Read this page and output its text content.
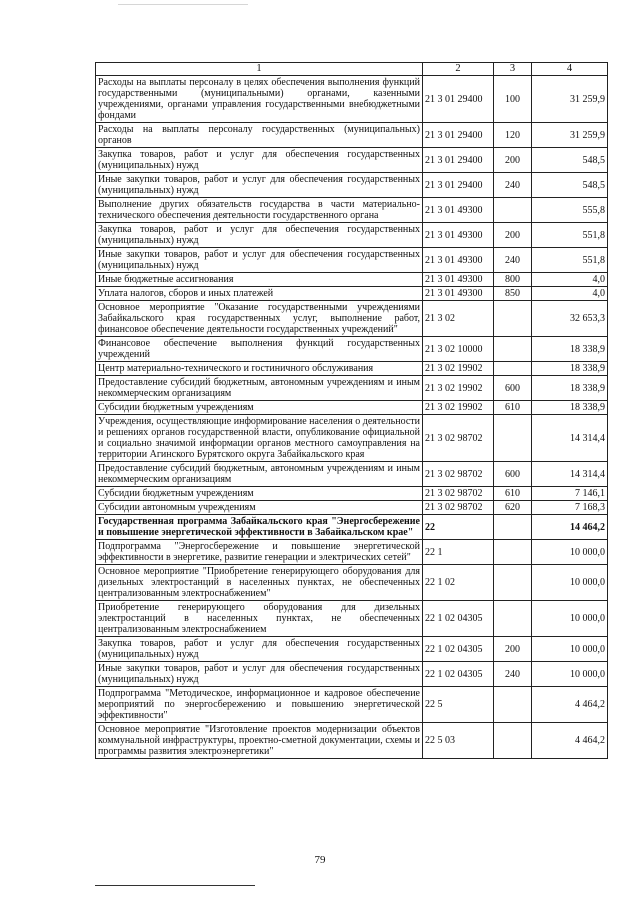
1	2	3	4
Расходы на выплаты персоналу в целях обеспечения выполнения функций государственными (муниципальными) органами, казенными учреждениями, органами управления государственными внебюджетными фондами	21 3 01 29400	100	31 259,9
Расходы на выплаты персоналу государственных (муниципальных) органов	21 3 01 29400	120	31 259,9
Закупка товаров, работ и услуг для обеспечения государственных (муниципальных) нужд	21 3 01 29400	200	548,5
Иные закупки товаров, работ и услуг для обеспечения государственных (муниципальных) нужд	21 3 01 29400	240	548,5
Выполнение других обязательств государства в части материально-технического обеспечения деятельности государственного органа	21 3 01 49300		555,8
Закупка товаров, работ и услуг для обеспечения государственных (муниципальных) нужд	21 3 01 49300	200	551,8
Иные закупки товаров, работ и услуг для обеспечения государственных (муниципальных) нужд	21 3 01 49300	240	551,8
Иные бюджетные ассигнования	21 3 01 49300	800	4,0
Уплата налогов, сборов и иных платежей	21 3 01 49300	850	4,0
Основное мероприятие "Оказание государственными учреждениями Забайкальского края государственных услуг, выполнение работ, финансовое обеспечение деятельности государственных учреждений"	21 3 02		32 653,3
Финансовое обеспечение выполнения функций государственных учреждений	21 3 02 10000		18 338,9
Центр материально-технического и гостиничного обслуживания	21 3 02 19902		18 338,9
Предоставление субсидий бюджетным, автономным учреждениям и иным некоммерческим организациям	21 3 02 19902	600	18 338,9
Субсидии бюджетным учреждениям	21 3 02 19902	610	18 338,9
Учреждения, осуществляющие информирование населения о деятельности и решениях органов государственной власти, опубликование официальной и социально значимой информации органов местного самоуправления на территории Агинского Бурятского округа Забайкальского края	21 3 02 98702		14 314,4
Предоставление субсидий бюджетным, автономным учреждениям и иным некоммерческим организациям	21 3 02 98702	600	14 314,4
Субсидии бюджетным учреждениям	21 3 02 98702	610	7 146,1
Субсидии автономным учреждениям	21 3 02 98702	620	7 168,3
Государственная программа Забайкальского края "Энергосбережение и повышение энергетической эффективности в Забайкальском крае"	22		14 464,2
Подпрограмма "Энергосбережение и повышение энергетической эффективности в энергетике, развитие генерации и электрических сетей"	22 1		10 000,0
Основное мероприятие "Приобретение генерирующего оборудования для дизельных электростанций в населенных пунктах, не обеспеченных централизованным электроснабжением"	22 1 02		10 000,0
Приобретение генерирующего оборудования для дизельных электростанций в населенных пунктах, не обеспеченных централизованным электроснабжением	22 1 02 04305		10 000,0
Закупка товаров, работ и услуг для обеспечения государственных (муниципальных) нужд	22 1 02 04305	200	10 000,0
Иные закупки товаров, работ и услуг для обеспечения государственных (муниципальных) нужд	22 1 02 04305	240	10 000,0
Подпрограмма "Методическое, информационное и кадровое обеспечение мероприятий по энергосбережению и повышению энергетической эффективности"	22 5		4 464,2
Основное мероприятие "Изготовление проектов модернизации объектов коммунальной инфраструктуры, проектно-сметной документации, схемы и программы развития электроэнергетики"	22 5 03		4 464,2
79
